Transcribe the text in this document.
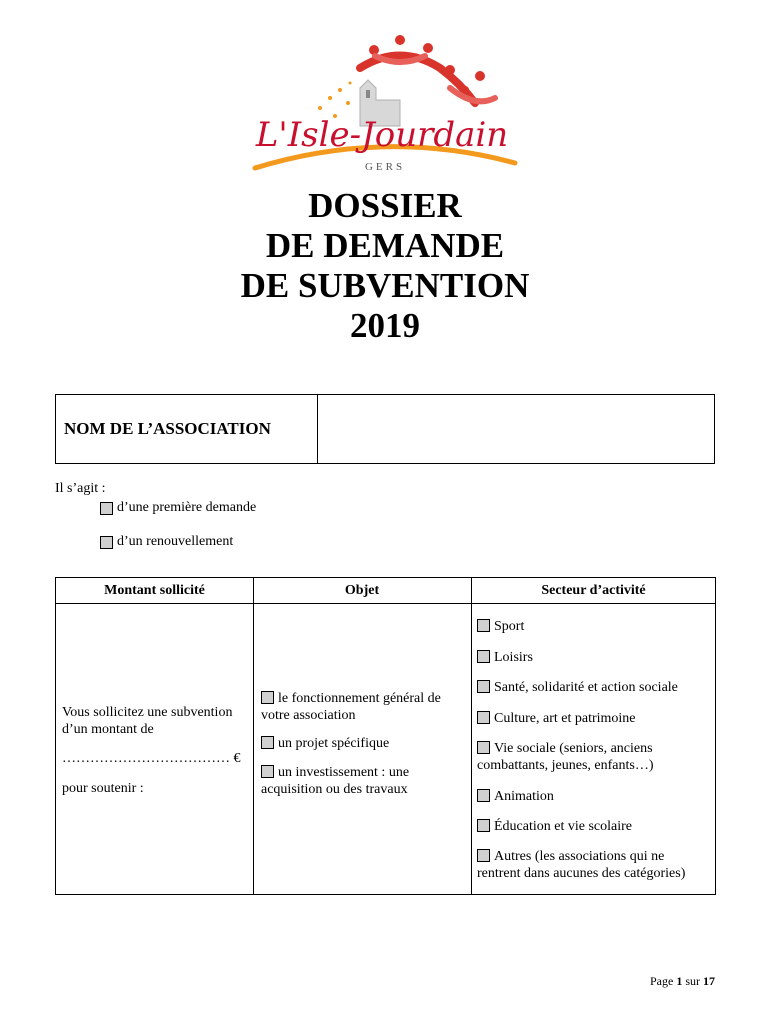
L'Isle-Jourdain
GERS
DOSSIER
DE DEMANDE
DE SUBVENTION
2019
NOM DE L’ASSOCIATION
Il s’agit :
d’une première demande
d’un renouvellement
Montant sollicité	Objet	Secteur d’activité
Vous sollicitez une subvention
d’un montant de
……………………………… €
pour soutenir :
le fonctionnement général de
votre association
un projet spécifique
un investissement : une
acquisition ou des travaux
Sport
Loisirs
Santé, solidarité et action sociale
Culture, art et patrimoine
Vie sociale (seniors, anciens
combattants, jeunes, enfants…)
Animation
Éducation et vie scolaire
Autres (les associations qui ne
rentrent dans aucunes des catégories)
Page 1 sur 17
